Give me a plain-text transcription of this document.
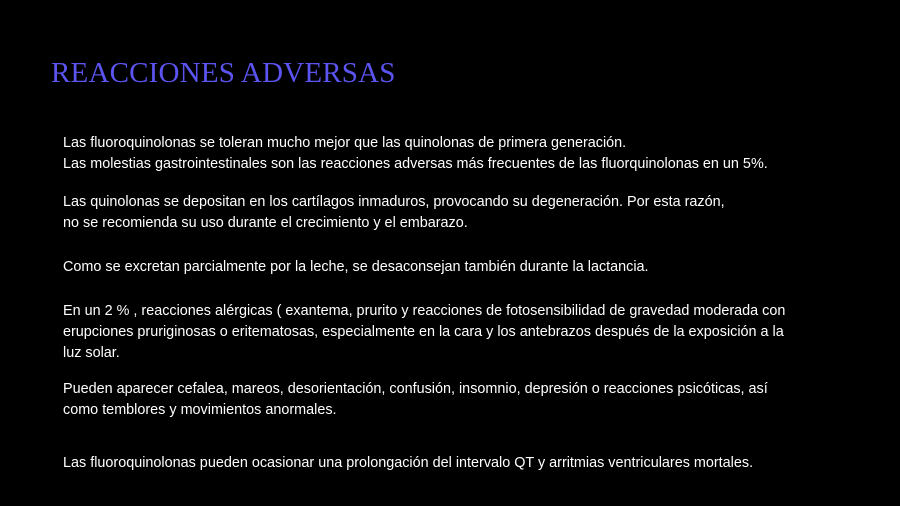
REACCIONES ADVERSAS

Las fluoroquinolonas se toleran mucho mejor que las quinolonas de primera generación.
Las molestias gastrointestinales son las reacciones adversas más frecuentes de las fluorquinolonas en un 5%.

Las quinolonas se depositan en los cartílagos inmaduros, provocando su degeneración. Por esta razón,
no se recomienda su uso durante el crecimiento y el embarazo.

Como se excretan parcialmente por la leche, se desaconsejan también durante la lactancia.

En un 2 % , reacciones alérgicas ( exantema, prurito y reacciones de fotosensibilidad de gravedad moderada con
erupciones pruriginosas o eritematosas, especialmente en la cara y los antebrazos después de la exposición a la
luz solar.

Pueden aparecer cefalea, mareos, desorientación, confusión, insomnio, depresión o reacciones psicóticas, así
como temblores y movimientos anormales.

Las fluoroquinolonas pueden ocasionar una prolongación del intervalo QT y arritmias ventriculares mortales.
